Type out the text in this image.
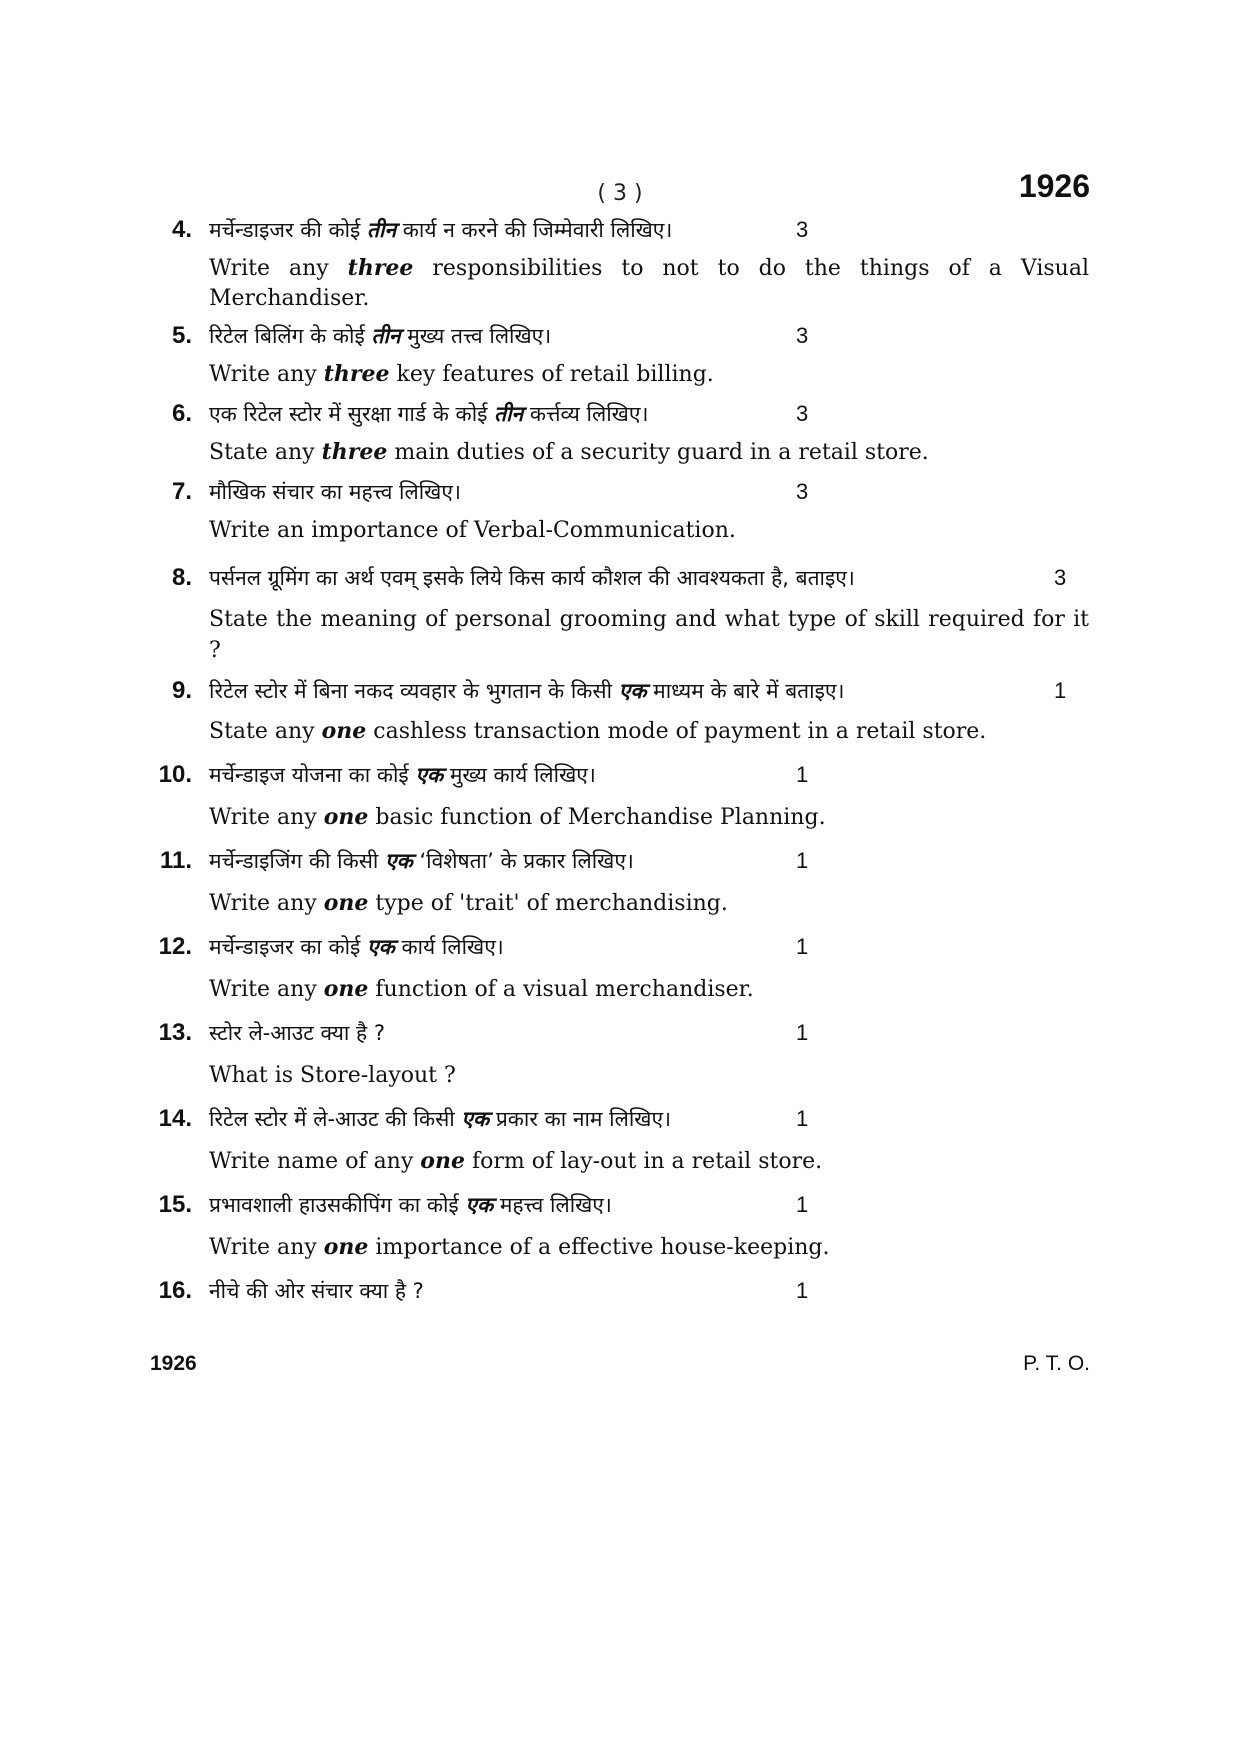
( 3 )	1926
4. मर्चेन्डाइजर की कोई तीन कार्य न करने की जिम्मेवारी लिखिए।	3
Write any three responsibilities to not to do the things of a Visual Merchandiser.
5. रिटेल बिलिंग के कोई तीन मुख्य तत्त्व लिखिए।	3
Write any three key features of retail billing.
6. एक रिटेल स्टोर में सुरक्षा गार्ड के कोई तीन कर्त्तव्य लिखिए।	3
State any three main duties of a security guard in a retail store.
7. मौखिक संचार का महत्त्व लिखिए।	3
Write an importance of Verbal-Communication.
8. पर्सनल ग्रूमिंग का अर्थ एवम् इसके लिये किस कार्य कौशल की आवश्यकता है, बताइए।	3
State the meaning of personal grooming and what type of skill required for it ?
9. रिटेल स्टोर में बिना नकद व्यवहार के भुगतान के किसी एक माध्यम के बारे में बताइए।	1
State any one cashless transaction mode of payment in a retail store.
10. मर्चेन्डाइज योजना का कोई एक मुख्य कार्य लिखिए।	1
Write any one basic function of Merchandise Planning.
11. मर्चेन्डाइजिंग की किसी एक ‘विशेषता’ के प्रकार लिखिए।	1
Write any one type of 'trait' of merchandising.
12. मर्चेन्डाइजर का कोई एक कार्य लिखिए।	1
Write any one function of a visual merchandiser.
13. स्टोर ले-आउट क्या है ?	1
What is Store-layout ?
14. रिटेल स्टोर में ले-आउट की किसी एक प्रकार का नाम लिखिए।	1
Write name of any one form of lay-out in a retail store.
15. प्रभावशाली हाउसकीपिंग का कोई एक महत्त्व लिखिए।	1
Write any one importance of a effective house-keeping.
16. नीचे की ओर संचार क्या है ?	1
1926	P. T. O.
